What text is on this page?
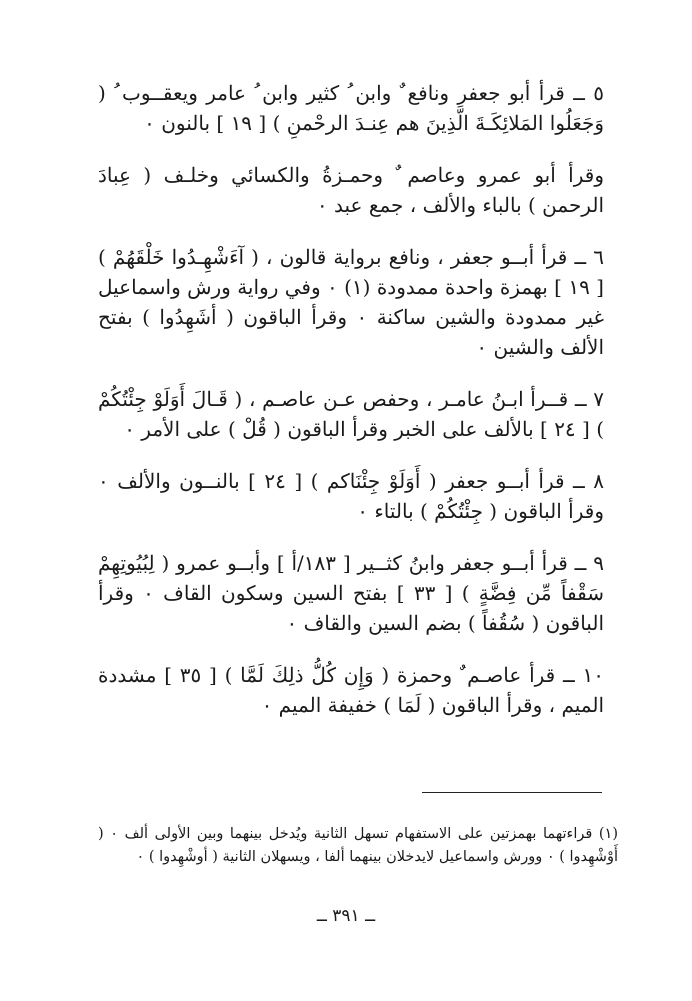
٥ ــ قرأ أبو جعفر ونافع ٌ وابن ُ كثير وابن ُ عامر ويعقــوب ُ ( وَجَعَلُوا المَلائِكَـةَ الَّذِينَ هم عِنـدَ الرحْمنِ ) [ ١٩ ] بالنون ٠

وقرأ أبو عمرو وعاصم ٌ وحمـزةُ والكسائي وخلـف ( عِبادَ الرحمن ) بالباء والألف ، جمع عبد ٠

٦ ــ قرأ أبــو جعفر ، ونافع برواية قالون ، ( آءَشْهِـدُوا خَلْقَهُمْ ) [ ١٩ ] بهمزة واحدة ممدودة (١) ٠ وفي رواية ورش واسماعيل غير ممدودة والشين ساكنة ٠ وقرأ الباقون ( أشَهِدُوا ) بفتح الألف والشين ٠

٧ ــ قــرأ ابـنُ عامـر ، وحفص عـن عاصـم ، ( قَـالَ أَوَلَوْ جِئْتُكُمْ ) [ ٢٤ ] بالألف على الخبر وقرأ الباقون ( قُلْ ) على الأمر ٠

٨ ــ قرأ أبــو جعفر ( أَوَلَوْ جِئْنَاكم ) [ ٢٤ ] بالنــون والألف ٠ وقرأ الباقون ( جِئْتُكُمْ ) بالتاء ٠

٩ ــ قرأ أبــو جعفر وابنُ كثــير [ ١٨٣/أ ] وأبــو عمرو ( لِبُيُوتِهِمْ سَقْفاً مِّن فِضَّةٍ ) [ ٣٣ ] بفتح السين وسكون القاف ٠ وقرأ الباقون ( سُقُفاً ) بضم السين والقاف ٠

١٠ ــ قرأ عاصـم ٌ وحمزة ( وَإِن كُلُّ ذلِكَ لَمَّا ) [ ٣٥ ] مشددة الميم ، وقرأ الباقون ( لَمَا ) خفيفة الميم ٠

(١) قراءتهما بهمزتين على الاستفهام تسهل الثانية ويُدخل بينهما وبين الأولى ألف ٠ ( أَوْشْهِدوا ) ٠ وورش واسماعيل لايدخلان بينهما ألفا ، ويسهلان الثانية ( أوشْهِدوا ) ٠

ــ ٣٩١ ــ
